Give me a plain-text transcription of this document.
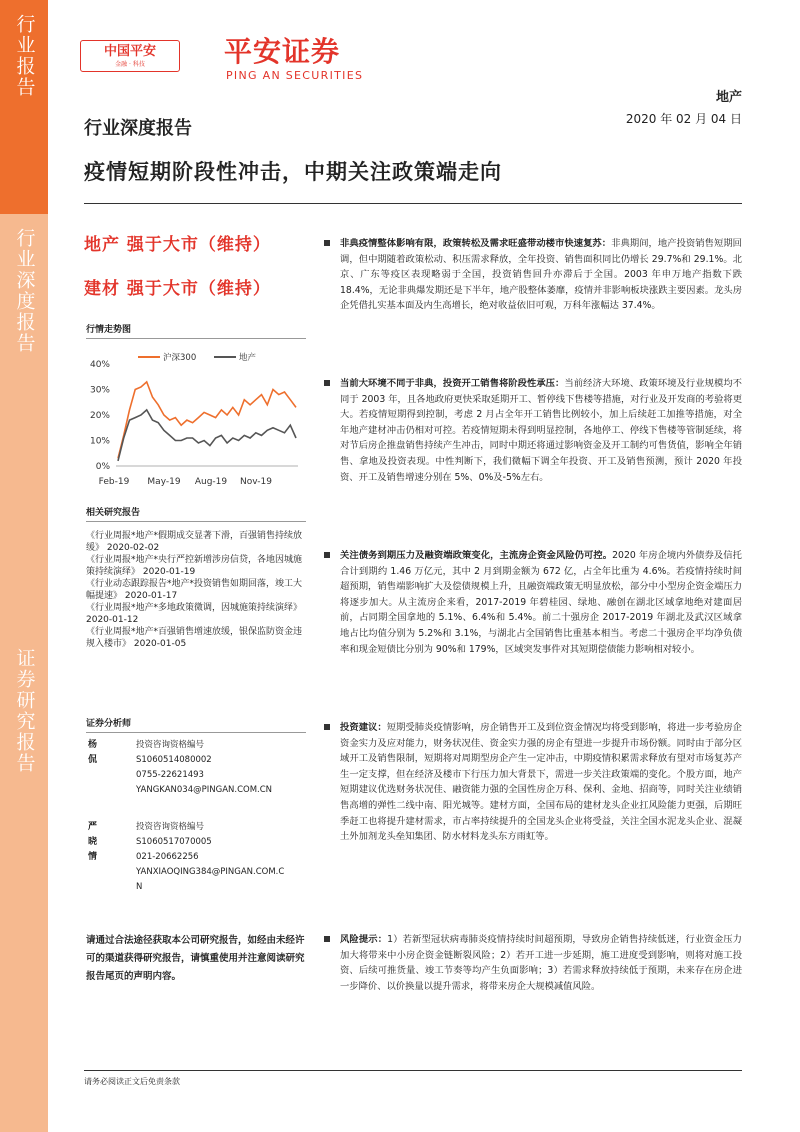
行业报告
行业深度报告
证券研究报告
中国平安
金融 · 科技	平安证券
PING AN SECURITIES
地产
2020 年 02 月 04 日
行业深度报告
疫情短期阶段性冲击，中期关注政策端走向
地产 强于大市（维持）
建材 强于大市（维持）
行情走势图
沪深300	地产
40%
30%
20%
10%
0%
Feb-19 May-19 Aug-19 Nov-19
相关研究报告
《行业周报*地产*假期成交显著下滑，百强销售持续放缓》 2020-02-02
《行业周报*地产*央行严控新增涉房信贷，各地因城施策持续演绎》 2020-01-19
《行业动态跟踪报告*地产*投资销售如期回落，竣工大幅提速》 2020-01-17
《行业周报*地产*多地政策微调，因城施策持续演绎》 2020-01-12
《行业周报*地产*百强销售增速放缓，银保监防资金违规入楼市》 2020-01-05
证券分析师
杨侃
投资咨询资格编号
S1060514080002
0755-22621493
YANGKAN034@PINGAN.COM.CN
严晓情
投资咨询资格编号
S1060517070005
021-20662256
YANXIAOQING384@PINGAN.COM.CN
请通过合法途径获取本公司研究报告，如经由未经许可的渠道获得研究报告，请慎重使用并注意阅读研究报告尾页的声明内容。
非典疫情整体影响有限，政策转松及需求旺盛带动楼市快速复苏：非典期间，地产投资销售短期回调，但中期随着政策松动、积压需求释放，全年投资、销售面积同比仍增长 29.7%和 29.1%。北京、广东等疫区表现略弱于全国，投资销售回升亦滞后于全国。2003 年申万地产指数下跌 18.4%，无论非典爆发期还是下半年，地产股整体萎靡，疫情并非影响板块涨跌主要因素。龙头房企凭借扎实基本面及内生高增长，绝对收益依旧可观，万科年涨幅达 37.4%。
当前大环境不同于非典，投资开工销售将阶段性承压：当前经济大环境、政策环境及行业规模均不同于 2003 年，且各地政府更快采取延期开工、暂停线下售楼等措施，对行业及开发商的考验将更大。若疫情短期得到控制，考虑 2 月占全年开工销售比例较小，加上后续赶工加推等措施，对全年地产建材冲击仍相对可控。若疫情短期未得到明显控制，各地停工、停线下售楼等管制延续，将对节后房企推盘销售持续产生冲击，同时中期还将通过影响资金及开工制约可售货值，影响全年销售、拿地及投资表现。中性判断下，我们微幅下调全年投资、开工及销售预测，预计 2020 年投资、开工及销售增速分别在 5%、0%及-5%左右。
关注债务到期压力及融资端政策变化，主流房企资金风险仍可控。2020 年房企境内外债券及信托合计到期约 1.46 万亿元，其中 2 月到期金额为 672 亿，占全年比重为 4.6%。若疫情持续时间超预期，销售端影响扩大及偿债规模上升，且融资端政策无明显放松，部分中小型房企资金端压力将逐步加大。从主流房企来看，2017-2019 年碧桂园、绿地、融创在湖北区域拿地绝对建面居前，占同期全国拿地的 5.1%、6.4%和 5.4%。前二十强房企 2017-2019 年湖北及武汉区域拿地占比均值分别为 5.2%和 3.1%，与湖北占全国销售比重基本相当。考虑二十强房企平均净负债率和现金短债比分别为 90%和 179%，区域突发事件对其短期偿债能力影响相对较小。
投资建议：短期受肺炎疫情影响，房企销售开工及到位资金情况均将受到影响，将进一步考验房企资金实力及应对能力，财务状况佳、资金实力强的房企有望进一步提升市场份额。同时由于部分区域开工及销售限制，短期将对周期型房企产生一定冲击，中期疫情积累需求释放有望对市场复苏产生一定支撑，但在经济及楼市下行压力加大背景下，需进一步关注政策端的变化。个股方面，地产短期建议优选财务状况佳、融资能力强的全国性房企万科、保利、金地、招商等，同时关注业绩销售高增的弹性二线中南、阳光城等。建材方面，全国布局的建材龙头企业扛风险能力更强，后期旺季赶工也将提升建材需求，市占率持续提升的全国龙头企业将受益，关注全国水泥龙头企业、混凝土外加剂龙头垒知集团、防水材料龙头东方雨虹等。
风险提示：1）若新型冠状病毒肺炎疫情持续时间超预期，导致房企销售持续低迷，行业资金压力加大将带来中小房企资金链断裂风险；2）若开工进一步延期，施工进度受到影响，则将对施工投资、后续可推货量、竣工节奏等均产生负面影响；3）若需求释放持续低于预期，未来存在房企进一步降价、以价换量以提升需求，将带来房企大规模减值风险。
请务必阅读正文后免责条款
